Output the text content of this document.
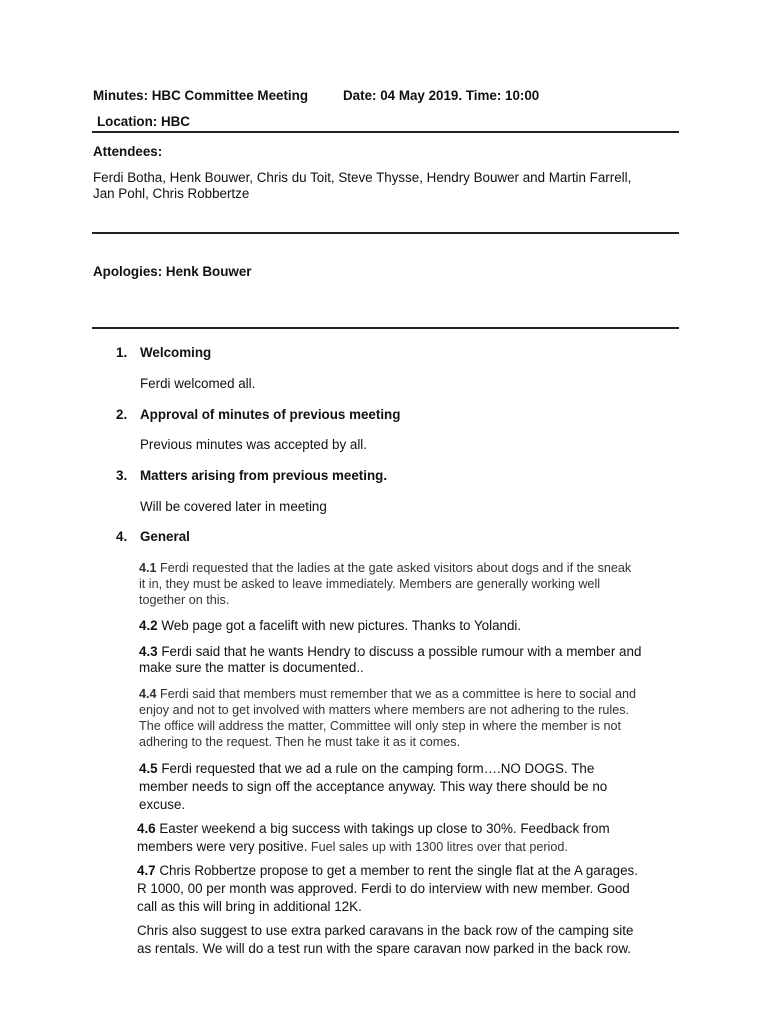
Minutes: HBC Committee Meeting	Date: 04 May 2019. Time: 10:00
Location: HBC
Attendees:
Ferdi Botha, Henk Bouwer, Chris du Toit, Steve Thysse, Hendry Bouwer and Martin Farrell,
Jan Pohl, Chris Robbertze
Apologies: Henk Bouwer
1. Welcoming
Ferdi welcomed all.
2. Approval of minutes of previous meeting
Previous minutes was accepted by all.
3. Matters arising from previous meeting.
Will be covered later in meeting
4. General
4.1 Ferdi requested that the ladies at the gate asked visitors about dogs and if the sneak
it in, they must be asked to leave immediately. Members are generally working well
together on this.
4.2 Web page got a facelift with new pictures. Thanks to Yolandi.
4.3 Ferdi said that he wants Hendry to discuss a possible rumour with a member and
make sure the matter is documented..
4.4 Ferdi said that members must remember that we as a committee is here to social and
enjoy and not to get involved with matters where members are not adhering to the rules.
The office will address the matter, Committee will only step in where the member is not
adhering to the request. Then he must take it as it comes.
4.5 Ferdi requested that we ad a rule on the camping form….NO DOGS. The
member needs to sign off the acceptance anyway. This way there should be no
excuse.
4.6 Easter weekend a big success with takings up close to 30%. Feedback from
members were very positive. Fuel sales up with 1300 litres over that period.
4.7 Chris Robbertze propose to get a member to rent the single flat at the A garages.
R 1000, 00 per month was approved. Ferdi to do interview with new member. Good
call as this will bring in additional 12K.
Chris also suggest to use extra parked caravans in the back row of the camping site
as rentals. We will do a test run with the spare caravan now parked in the back row.
